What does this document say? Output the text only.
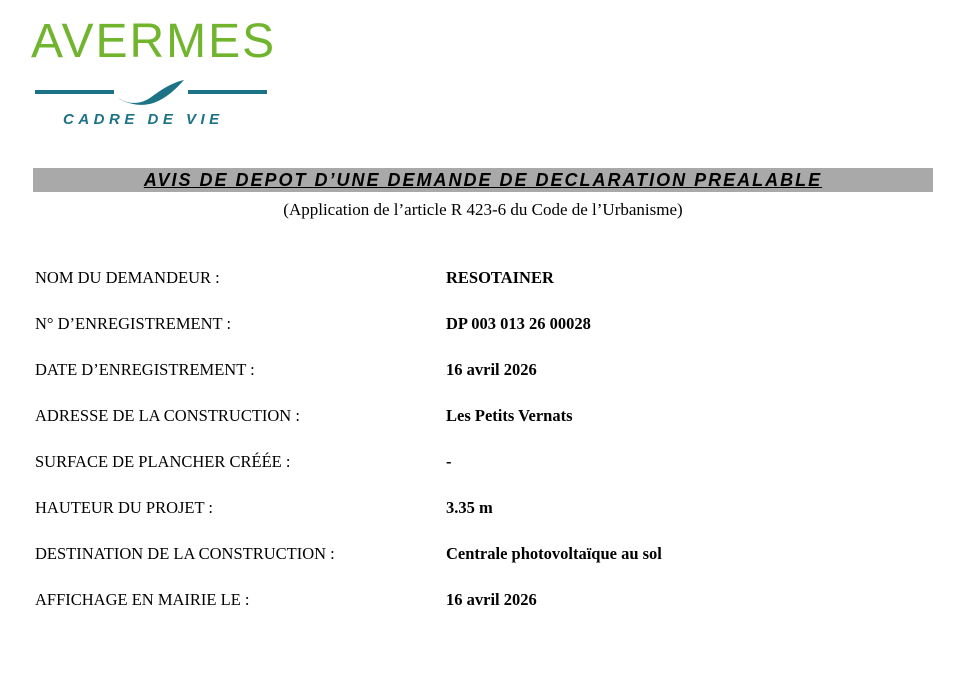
AVERMES
CADRE DE VIE
AVIS DE DEPOT D’UNE DEMANDE DE DECLARATION PREALABLE
(Application de l’article R 423-6 du Code de l’Urbanisme)
NOM DU DEMANDEUR :	RESOTAINER
N° D’ENREGISTREMENT :	DP 003 013 26 00028
DATE D’ENREGISTREMENT :	16 avril 2026
ADRESSE DE LA CONSTRUCTION :	Les Petits Vernats
SURFACE DE PLANCHER CRÉÉE :	-
HAUTEUR DU PROJET :	3.35 m
DESTINATION DE LA CONSTRUCTION :	Centrale photovoltaïque au sol
AFFICHAGE EN MAIRIE LE :	16 avril 2026
